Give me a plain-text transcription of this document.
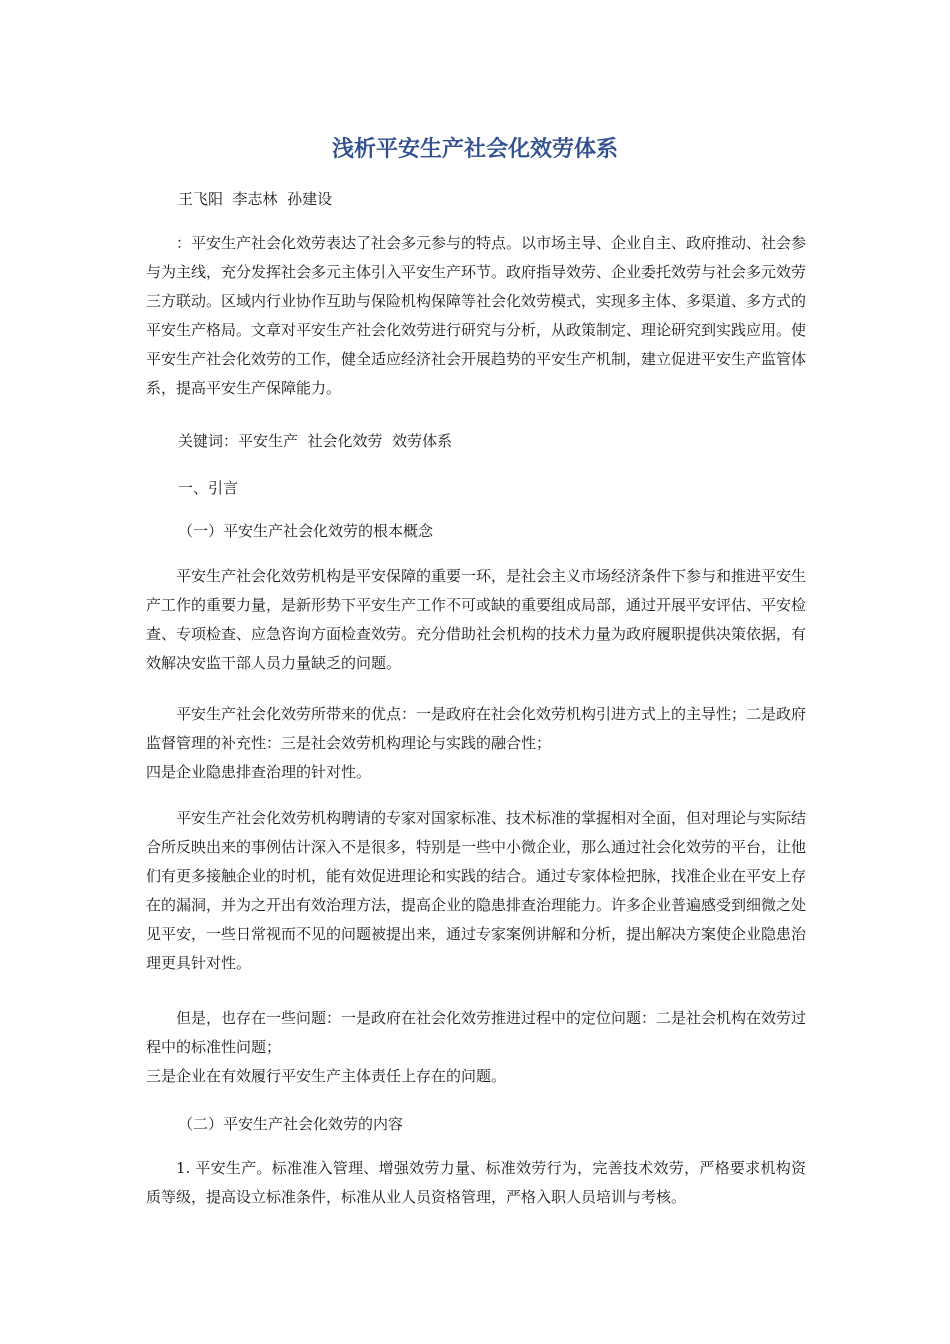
浅析平安生产社会化效劳体系
王飞阳  李志林  孙建设
：平安生产社会化效劳表达了社会多元参与的特点。以市场主导、企业自主、政府推动、社会参与为主线，充分发挥社会多元主体引入平安生产环节。政府指导效劳、企业委托效劳与社会多元效劳三方联动。区域内行业协作互助与保险机构保障等社会化效劳模式，实现多主体、多渠道、多方式的平安生产格局。文章对平安生产社会化效劳进行研究与分析，从政策制定、理论研究到实践应用。使平安生产社会化效劳的工作，健全适应经济社会开展趋势的平安生产机制，建立促进平安生产监管体系，提高平安生产保障能力。
关键词：平安生产  社会化效劳  效劳体系
一、引言
（一）平安生产社会化效劳的根本概念
平安生产社会化效劳机构是平安保障的重要一环，是社会主义市场经济条件下参与和推进平安生产工作的重要力量，是新形势下平安生产工作不可或缺的重要组成局部，通过开展平安评估、平安检查、专项检查、应急咨询方面检查效劳。充分借助社会机构的技术力量为政府履职提供决策依据，有效解决安监干部人员力量缺乏的问题。
平安生产社会化效劳所带来的优点：一是政府在社会化效劳机构引进方式上的主导性；二是政府监督管理的补充性：三是社会效劳机构理论与实践的融合性；
四是企业隐患排查治理的针对性。
平安生产社会化效劳机构聘请的专家对国家标准、技术标准的掌握相对全面，但对理论与实际结合所反映出来的事例估计深入不是很多，特别是一些中小微企业，那么通过社会化效劳的平台，让他们有更多接触企业的时机，能有效促进理论和实践的结合。通过专家体检把脉，找准企业在平安上存在的漏洞，并为之开出有效治理方法，提高企业的隐患排查治理能力。许多企业普遍感受到细微之处见平安，一些日常视而不见的问题被提出来，通过专家案例讲解和分析，提出解决方案使企业隐患治理更具针对性。
但是，也存在一些问题：一是政府在社会化效劳推进过程中的定位问题：二是社会机构在效劳过程中的标准性问题；
三是企业在有效履行平安生产主体责任上存在的问题。
（二）平安生产社会化效劳的内容
1. 平安生产。标准准入管理、增强效劳力量、标准效劳行为，完善技术效劳，严格要求机构资质等级，提高设立标准条件，标准从业人员资格管理，严格入职人员培训与考核。
